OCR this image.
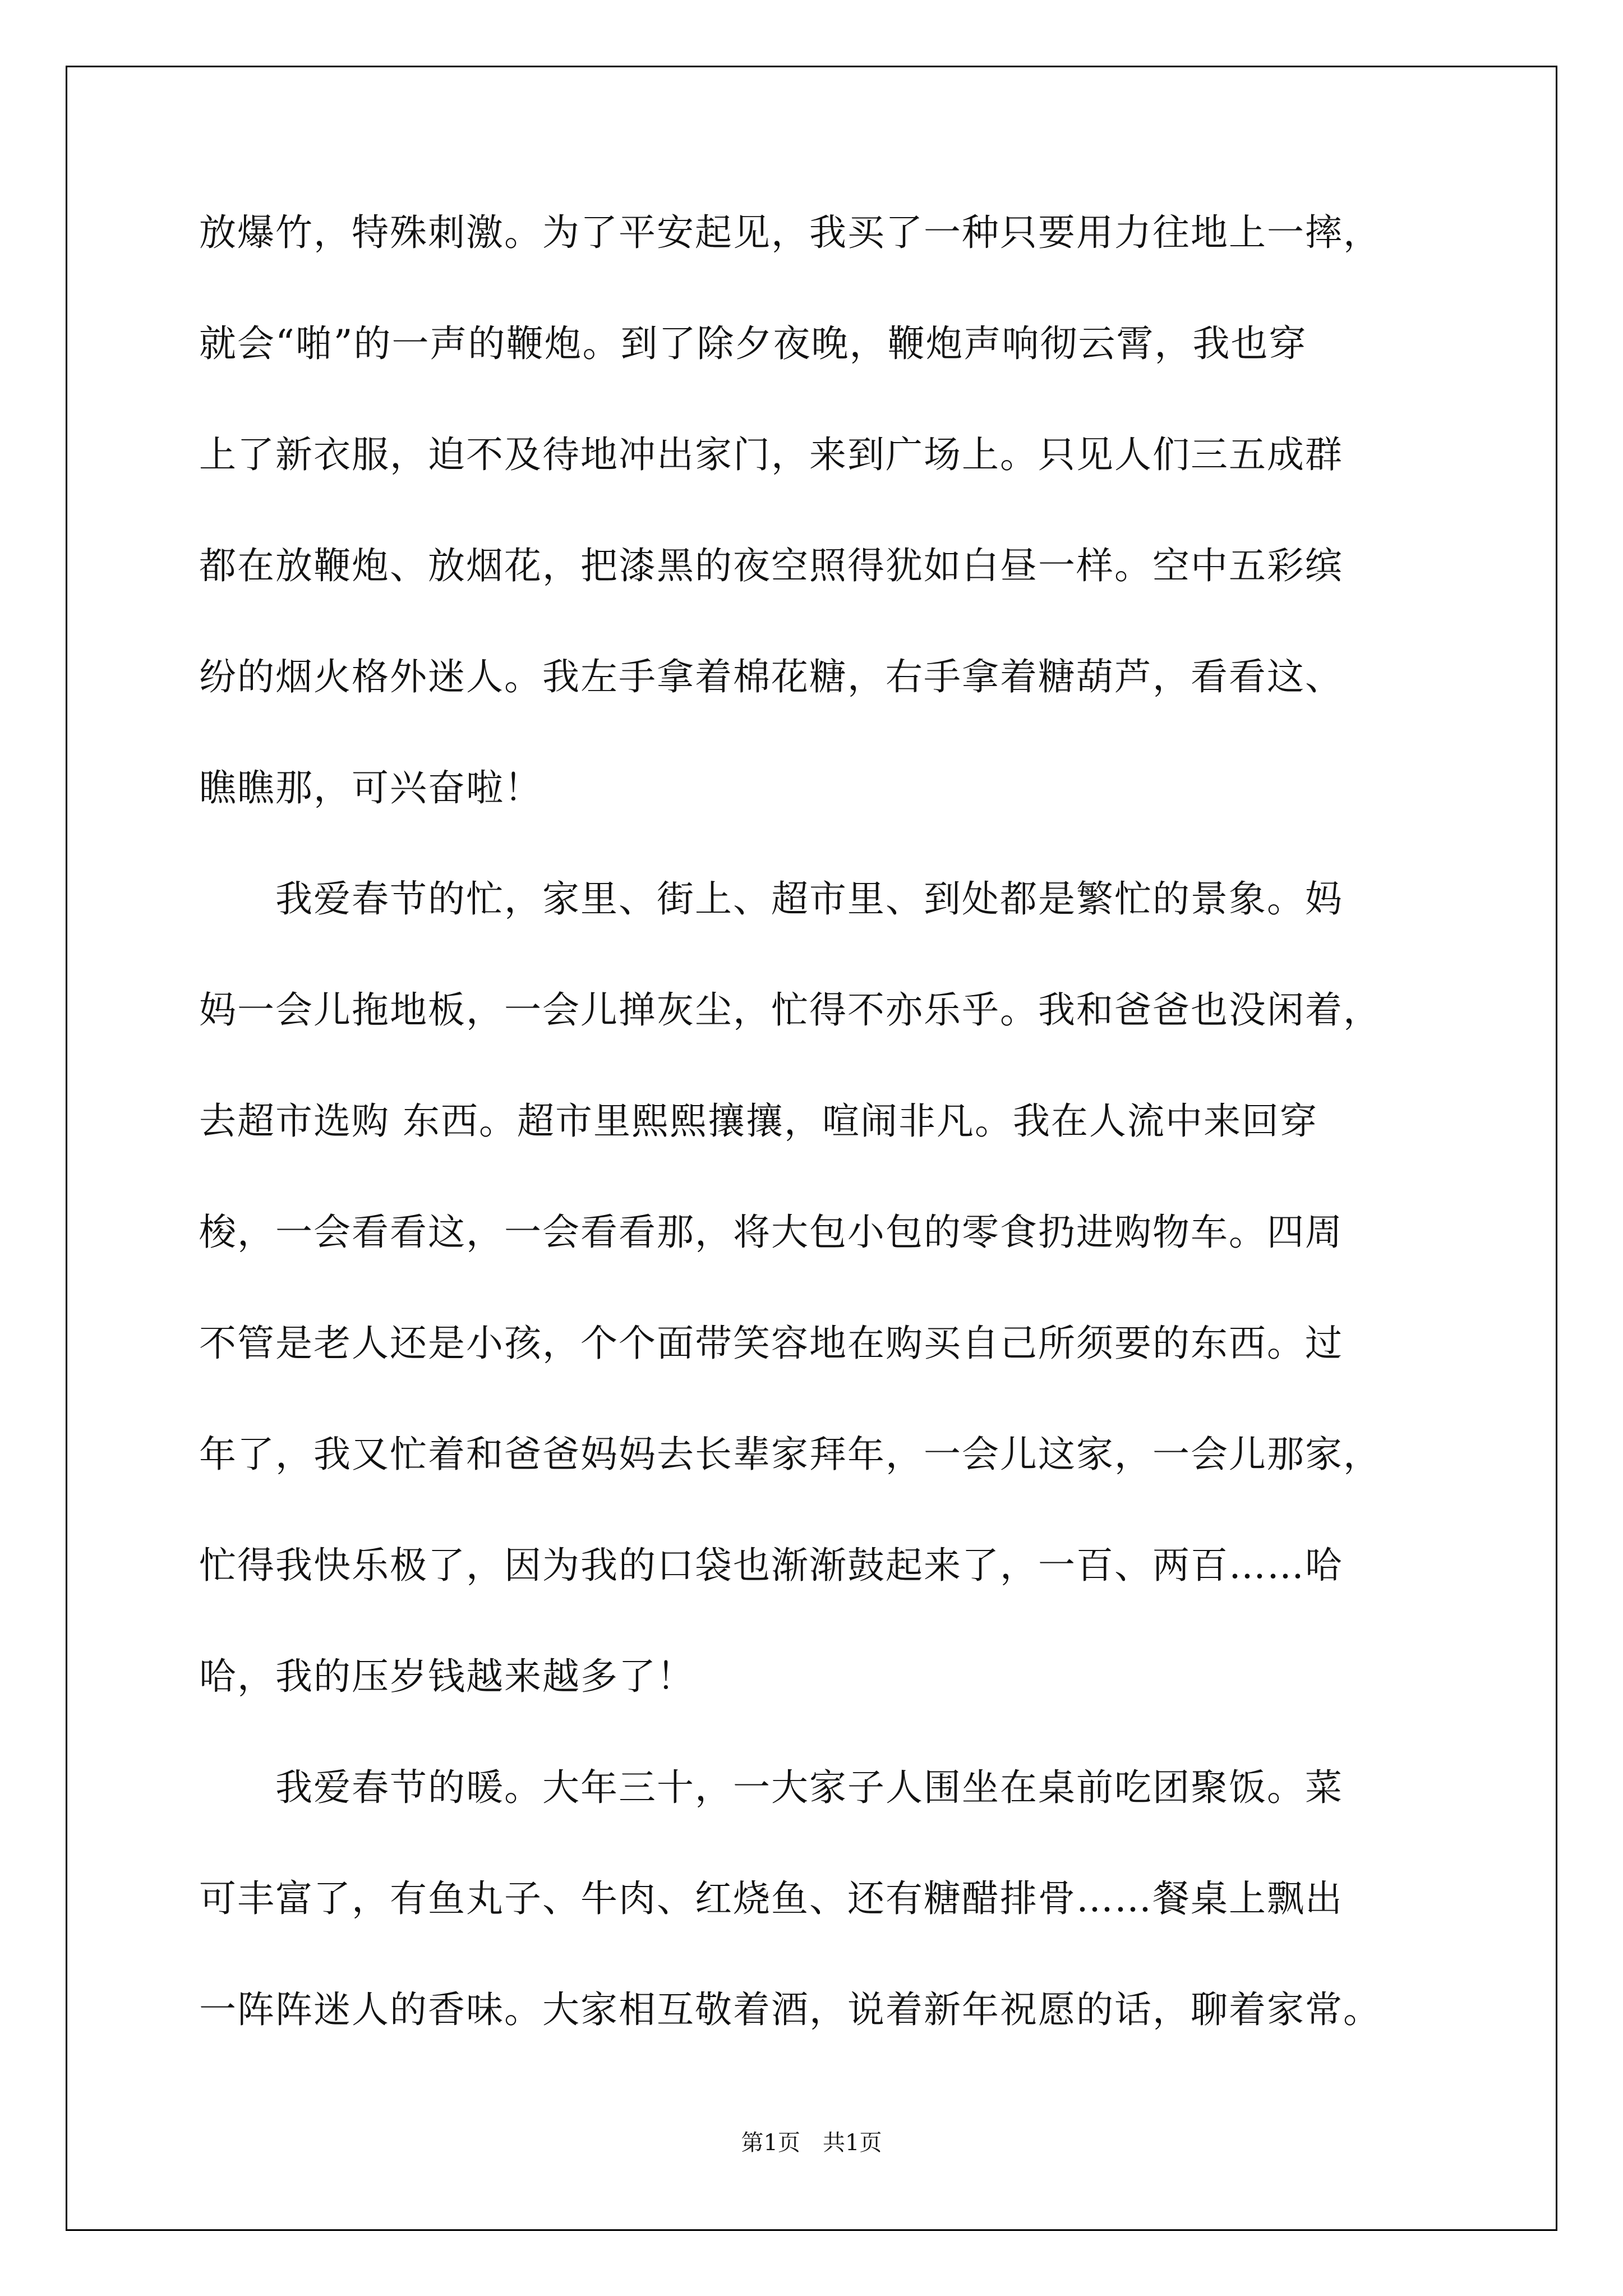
放爆竹，特殊刺激。为了平安起见，我买了一种只要用力往地上一摔，
就会“啪”的一声的鞭炮。到了除夕夜晚，鞭炮声响彻云霄，我也穿
上了新衣服，迫不及待地冲出家门，来到广场上。只见人们三五成群
都在放鞭炮、放烟花，把漆黑的夜空照得犹如白昼一样。空中五彩缤
纷的烟火格外迷人。我左手拿着棉花糖，右手拿着糖葫芦，看看这、
瞧瞧那，可兴奋啦！
　　我爱春节的忙，家里、街上、超市里、到处都是繁忙的景象。妈
妈一会儿拖地板，一会儿掸灰尘，忙得不亦乐乎。我和爸爸也没闲着，
去超市选购 东西。超市里熙熙攘攘，喧闹非凡。我在人流中来回穿
梭，一会看看这，一会看看那，将大包小包的零食扔进购物车。四周
不管是老人还是小孩，个个面带笑容地在购买自己所须要的东西。过
年了，我又忙着和爸爸妈妈去长辈家拜年，一会儿这家，一会儿那家，
忙得我快乐极了，因为我的口袋也渐渐鼓起来了，一百、两百……哈
哈，我的压岁钱越来越多了！
　　我爱春节的暖。大年三十，一大家子人围坐在桌前吃团聚饭。菜
可丰富了，有鱼丸子、牛肉、红烧鱼、还有糖醋排骨……餐桌上飘出
一阵阵迷人的香味。大家相互敬着酒，说着新年祝愿的话，聊着家常。
第1页　共1页
